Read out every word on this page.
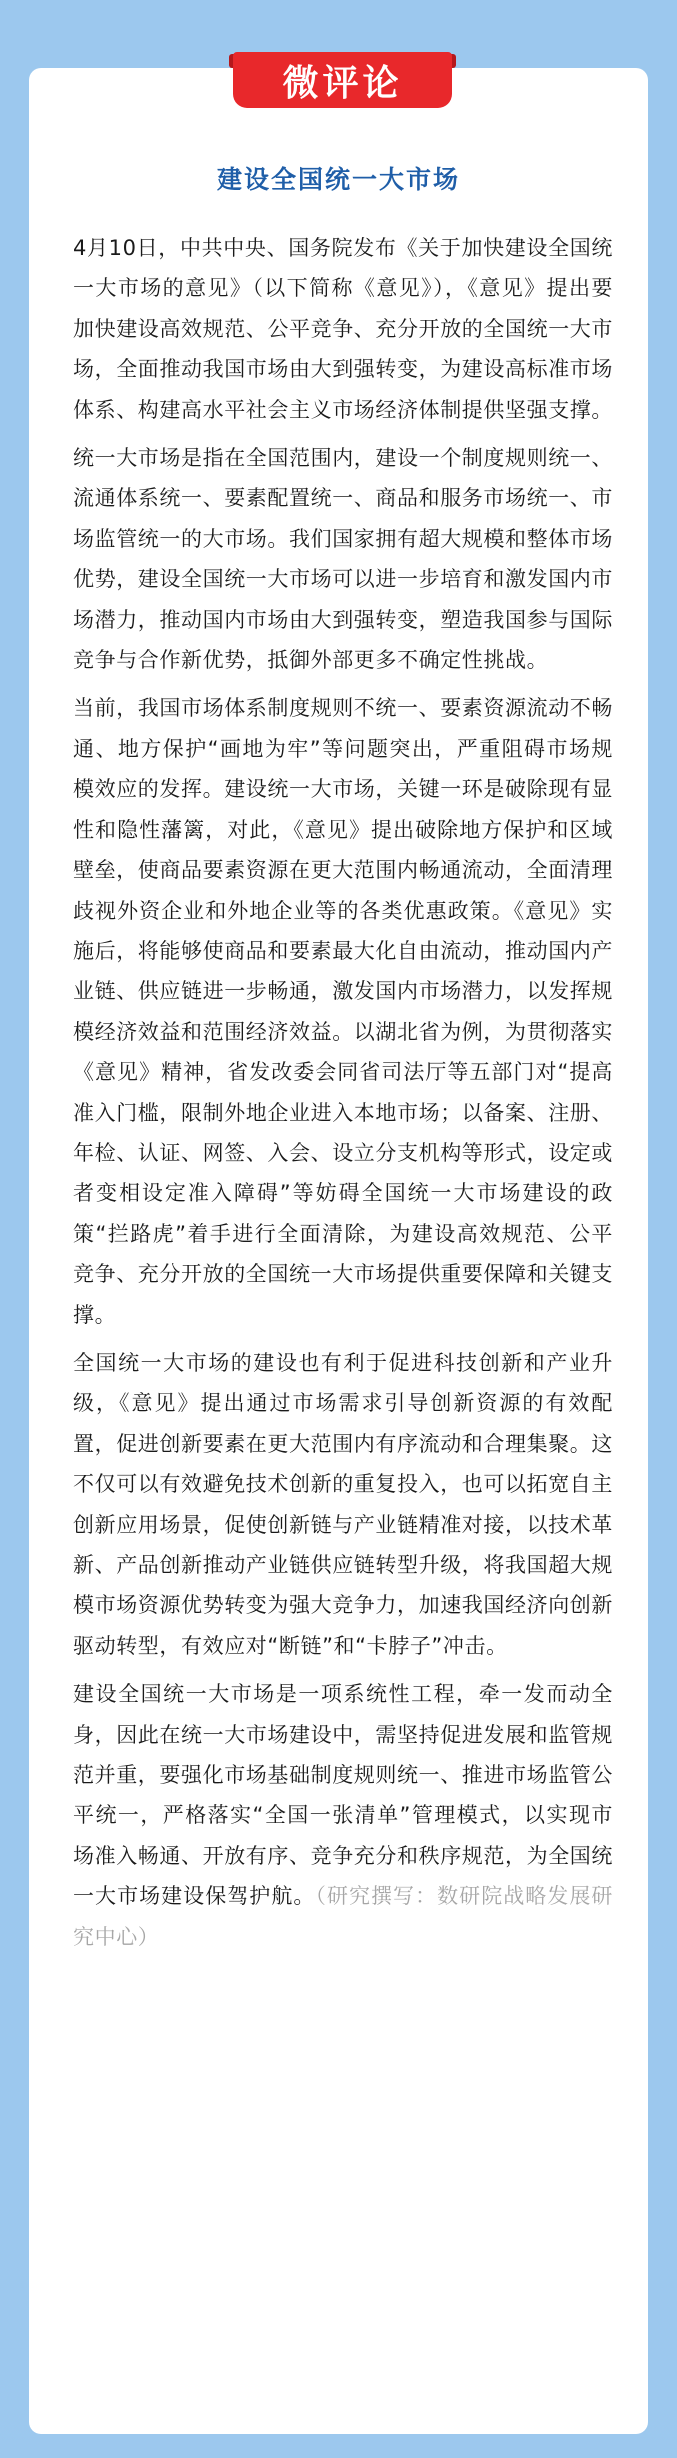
建设全国统一大市场

4月10日，中共中央、国务院发布《关于加快建设全国统一大市场的意见》（以下简称《意见》），《意见》提出要加快建设高效规范、公平竞争、充分开放的全国统一大市场，全面推动我国市场由大到强转变，为建设高标准市场体系、构建高水平社会主义市场经济体制提供坚强支撑。

统一大市场是指在全国范围内，建设一个制度规则统一、流通体系统一、要素配置统一、商品和服务市场统一、市场监管统一的大市场。我们国家拥有超大规模和整体市场优势，建设全国统一大市场可以进一步培育和激发国内市场潜力，推动国内市场由大到强转变，塑造我国参与国际竞争与合作新优势，抵御外部更多不确定性挑战。

当前，我国市场体系制度规则不统一、要素资源流动不畅通、地方保护“画地为牢”等问题突出，严重阻碍市场规模效应的发挥。建设统一大市场，关键一环是破除现有显性和隐性藩篱，对此，《意见》提出破除地方保护和区域壁垒，使商品要素资源在更大范围内畅通流动，全面清理歧视外资企业和外地企业等的各类优惠政策。《意见》实施后，将能够使商品和要素最大化自由流动，推动国内产业链、供应链进一步畅通，激发国内市场潜力，以发挥规模经济效益和范围经济效益。以湖北省为例，为贯彻落实《意见》精神，省发改委会同省司法厅等五部门对“提高准入门槛，限制外地企业进入本地市场；以备案、注册、年检、认证、网签、入会、设立分支机构等形式，设定或者变相设定准入障碍”等妨碍全国统一大市场建设的政策“拦路虎”着手进行全面清除，为建设高效规范、公平竞争、充分开放的全国统一大市场提供重要保障和关键支撑。

全国统一大市场的建设也有利于促进科技创新和产业升级，《意见》提出通过市场需求引导创新资源的有效配置，促进创新要素在更大范围内有序流动和合理集聚。这不仅可以有效避免技术创新的重复投入，也可以拓宽自主创新应用场景，促使创新链与产业链精准对接，以技术革新、产品创新推动产业链供应链转型升级，将我国超大规模市场资源优势转变为强大竞争力，加速我国经济向创新驱动转型，有效应对“断链”和“卡脖子”冲击。

建设全国统一大市场是一项系统性工程，牵一发而动全身，因此在统一大市场建设中，需坚持促进发展和监管规范并重，要强化市场基础制度规则统一、推进市场监管公平统一，严格落实“全国一张清单”管理模式，以实现市场准入畅通、开放有序、竞争充分和秩序规范，为全国统一大市场建设保驾护航。（研究撰写：数研院战略发展研究中心）

微评论
